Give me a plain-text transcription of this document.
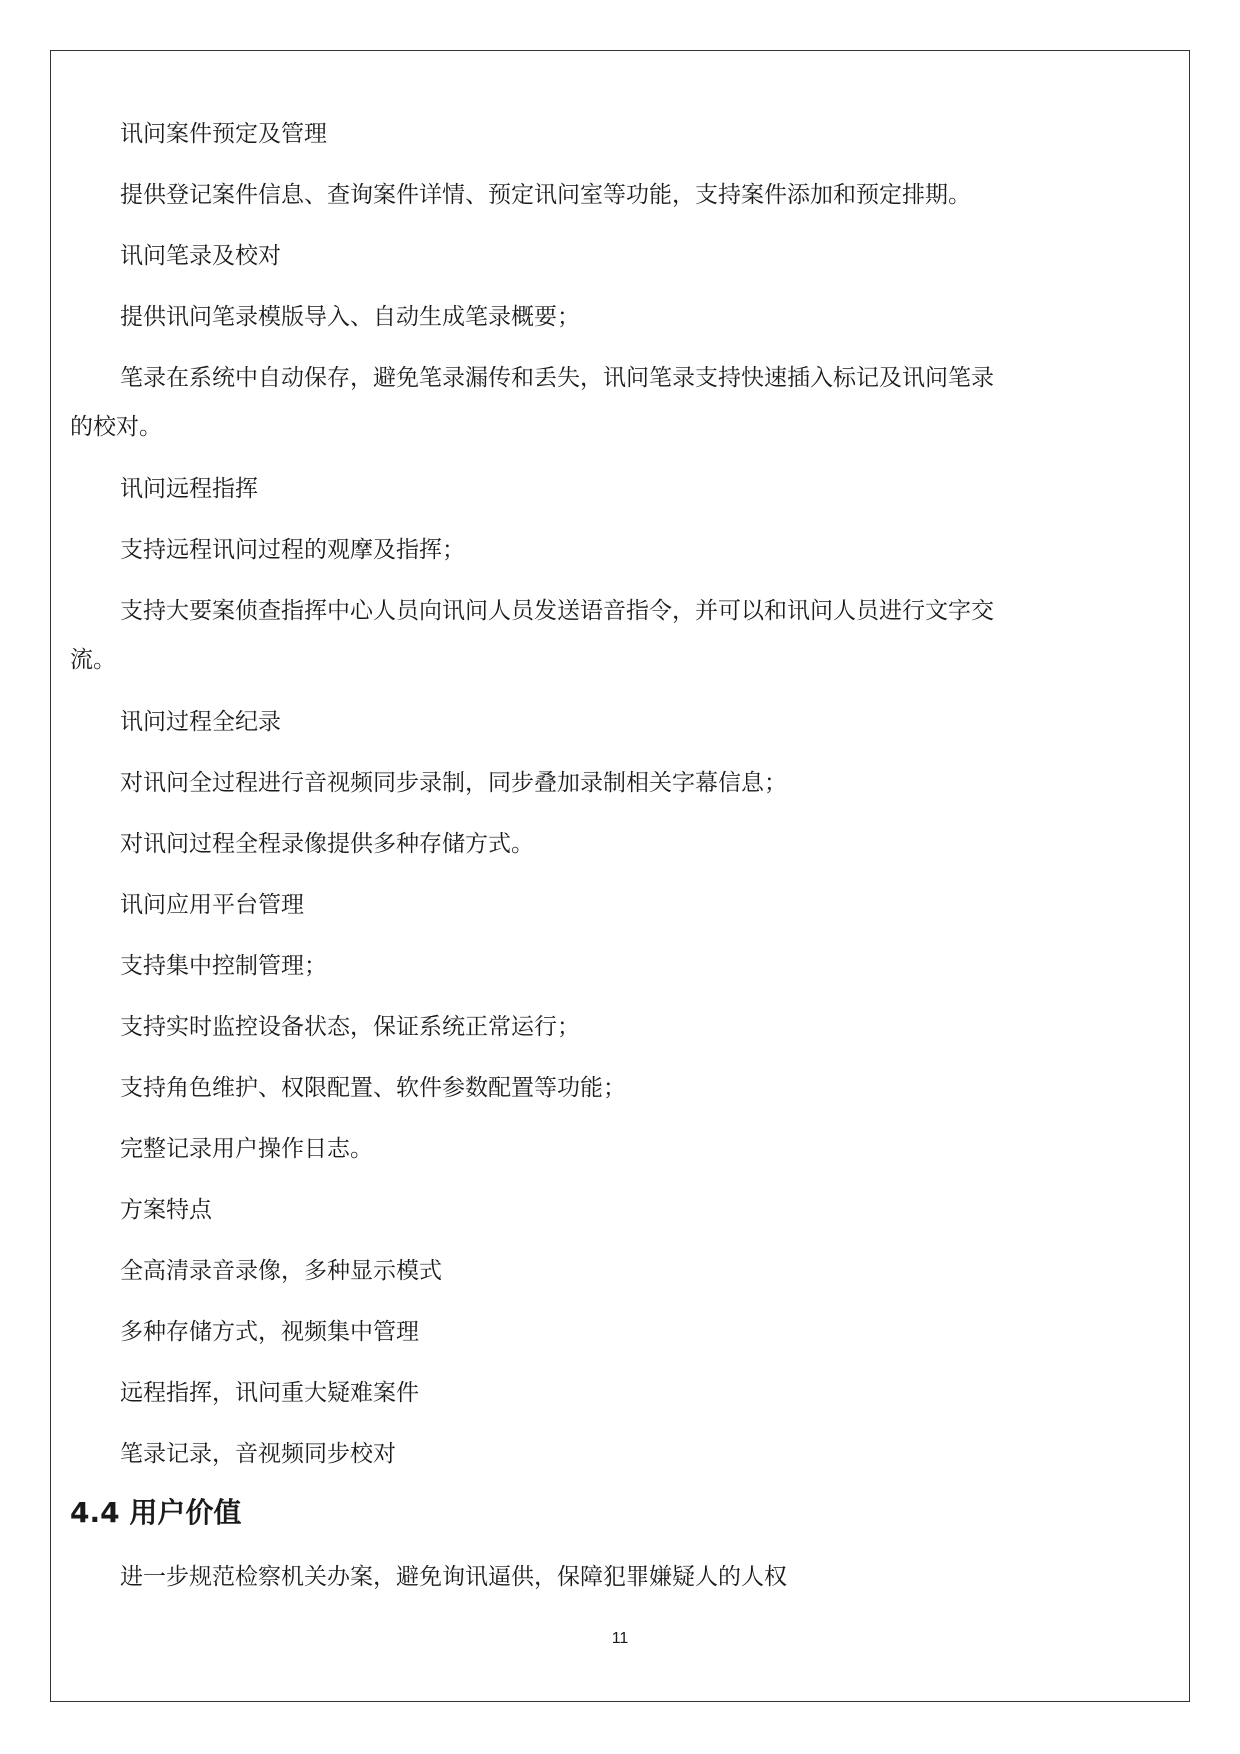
讯问案件预定及管理
提供登记案件信息、查询案件详情、预定讯问室等功能，支持案件添加和预定排期。
讯问笔录及校对
提供讯问笔录模版导入、自动生成笔录概要；
笔录在系统中自动保存，避免笔录漏传和丢失，讯问笔录支持快速插入标记及讯问笔录
的校对。
讯问远程指挥
支持远程讯问过程的观摩及指挥；
支持大要案侦查指挥中心人员向讯问人员发送语音指令，并可以和讯问人员进行文字交
流。
讯问过程全纪录
对讯问全过程进行音视频同步录制，同步叠加录制相关字幕信息；
对讯问过程全程录像提供多种存储方式。
讯问应用平台管理
支持集中控制管理；
支持实时监控设备状态，保证系统正常运行；
支持角色维护、权限配置、软件参数配置等功能；
完整记录用户操作日志。
方案特点
全高清录音录像，多种显示模式
多种存储方式，视频集中管理
远程指挥，讯问重大疑难案件
笔录记录，音视频同步校对
4.4 用户价值
进一步规范检察机关办案，避免询讯逼供，保障犯罪嫌疑人的人权
11
